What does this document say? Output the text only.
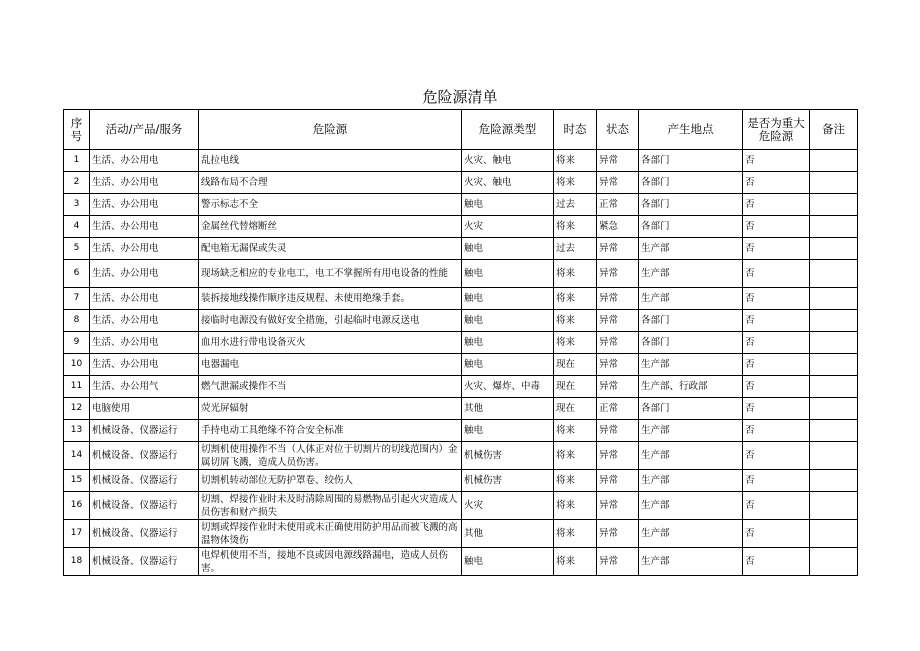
危险源清单
序号	活动/产品/服务	危险源	危险源类型	时态	状态	产生地点	是否为重大危险源	备注
1	生活、办公用电	乱拉电线	火灾、触电	将来	异常	各部门	否	
2	生活、办公用电	线路布局不合理	火灾、触电	将来	异常	各部门	否	
3	生活、办公用电	警示标志不全	触电	过去	正常	各部门	否	
4	生活、办公用电	金属丝代替熔断丝	火灾	将来	紧急	各部门	否	
5	生活、办公用电	配电箱无漏保或失灵	触电	过去	异常	生产部	否	
6	生活、办公用电	现场缺乏相应的专业电工，电工不掌握所有用电设备的性能	触电	将来	异常	生产部	否	
7	生活、办公用电	装拆接地线操作顺序违反规程、未使用绝缘手套。	触电	将来	异常	生产部	否	
8	生活、办公用电	接临时电源没有做好安全措施，引起临时电源反送电	触电	将来	异常	各部门	否	
9	生活、办公用电	血用水进行带电设备灭火	触电	将来	异常	各部门	否	
10	生活、办公用电	电器漏电	触电	现在	异常	生产部	否	
11	生活、办公用气	燃气泄漏或操作不当	火灾、爆炸、中毒	现在	异常	生产部、行政部	否	
12	电脑使用	荧光屏辐射	其他	现在	正常	各部门	否	
13	机械设备、仪器运行	手持电动工具绝缘不符合安全标准	触电	将来	异常	生产部	否	
14	机械设备、仪器运行	切割机使用操作不当（人体正对位于切割片的切线范围内）金属切屑飞溅，造成人员伤害。	机械伤害	将来	异常	生产部	否	
15	机械设备、仪器运行	切割机转动部位无防护罩卷、绞伤人	机械伤害	将来	异常	生产部	否	
16	机械设备、仪器运行	切割、焊接作业时未及时清除周围的易燃物品引起火灾造成人员伤害和财产损失	火灾	将来	异常	生产部	否	
17	机械设备、仪器运行	切割或焊接作业时未使用或未正确使用防护用品而被飞溅的高温物体烫伤	其他	将来	异常	生产部	否	
18	机械设备、仪器运行	电焊机使用不当，接地不良或因电源线路漏电，造成人员伤害。	触电	将来	异常	生产部	否	
